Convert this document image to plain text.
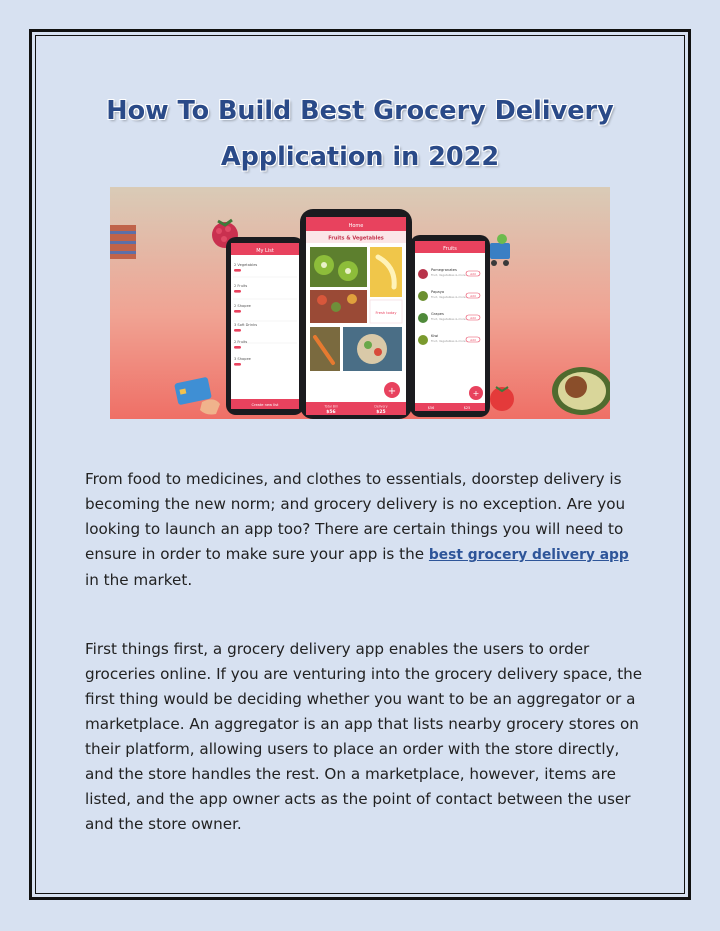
How To Build Best Grocery Delivery
Application in 2022
My List
2 Vegetables
2 Fruits
2 Shopee
3 Soft Drinks
2 Fruits
3 Shopee
Create new list
Fruits
Pomegranates
Fruit, Vegetables & more Add
Papaya
Fruit, Vegetables & more Add
Grapes
Fruit, Vegetables & more Add
Kiwi
Fruit, Vegetables & more Add
+
$56	$25
Home
Fruits & Vegetables
Fresh today
+
Total Bill
$56
Delivery
$25

From food to medicines, and clothes to essentials, doorstep delivery is becoming the new norm; and grocery delivery is no exception. Are you looking to launch an app too? There are certain things you will need to ensure in order to make sure your app is the best grocery delivery app in the market.

First things first, a grocery delivery app enables the users to order groceries online. If you are venturing into the grocery delivery space, the first thing would be deciding whether you want to be an aggregator or a marketplace. An aggregator is an app that lists nearby grocery stores on their platform, allowing users to place an order with the store directly, and the store handles the rest. On a marketplace, however, items are listed, and the app owner acts as the point of contact between the user and the store owner.
